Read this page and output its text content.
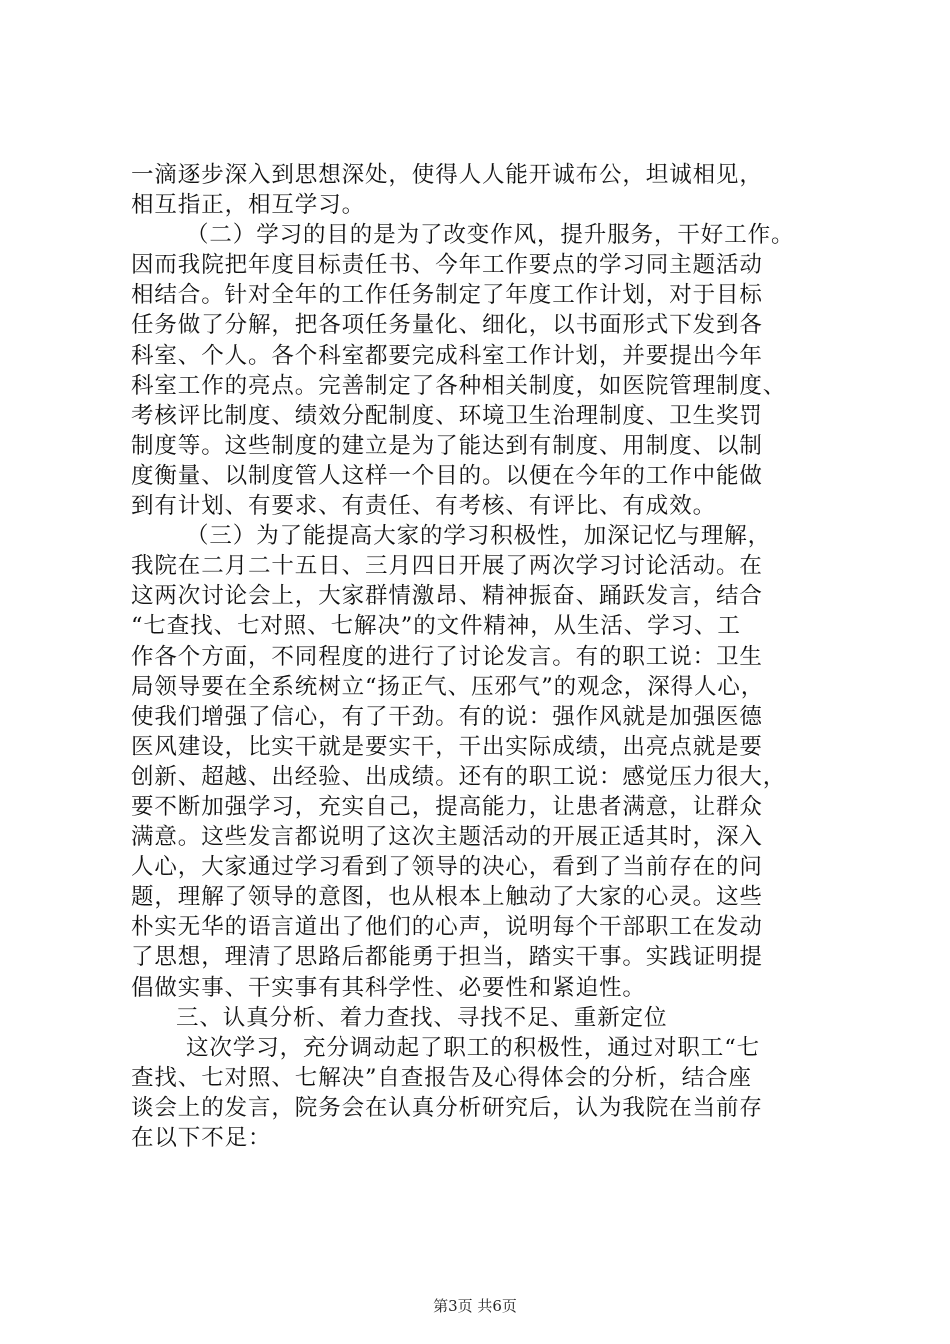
一滴逐步深入到思想深处，使得人人能开诚布公，坦诚相见，
相互指正，相互学习。
（二）学习的目的是为了改变作风，提升服务，干好工作。
因而我院把年度目标责任书、今年工作要点的学习同主题活动
相结合。针对全年的工作任务制定了年度工作计划，对于目标
任务做了分解，把各项任务量化、细化，以书面形式下发到各
科室、个人。各个科室都要完成科室工作计划，并要提出今年
科室工作的亮点。完善制定了各种相关制度，如医院管理制度、
考核评比制度、绩效分配制度、环境卫生治理制度、卫生奖罚
制度等。这些制度的建立是为了能达到有制度、用制度、以制
度衡量、以制度管人这样一个目的。以便在今年的工作中能做
到有计划、有要求、有责任、有考核、有评比、有成效。
（三）为了能提高大家的学习积极性，加深记忆与理解，
我院在二月二十五日、三月四日开展了两次学习讨论活动。在
这两次讨论会上，大家群情激昂、精神振奋、踊跃发言，结合
“七查找、七对照、七解决”的文件精神，从生活、学习、工
作各个方面，不同程度的进行了讨论发言。有的职工说：卫生
局领导要在全系统树立“扬正气、压邪气”的观念，深得人心，
使我们增强了信心，有了干劲。有的说：强作风就是加强医德
医风建设，比实干就是要实干，干出实际成绩，出亮点就是要
创新、超越、出经验、出成绩。还有的职工说：感觉压力很大，
要不断加强学习，充实自己，提高能力，让患者满意，让群众
满意。这些发言都说明了这次主题活动的开展正适其时，深入
人心，大家通过学习看到了领导的决心，看到了当前存在的问
题，理解了领导的意图，也从根本上触动了大家的心灵。这些
朴实无华的语言道出了他们的心声，说明每个干部职工在发动
了思想，理清了思路后都能勇于担当，踏实干事。实践证明提
倡做实事、干实事有其科学性、必要性和紧迫性。
三、认真分析、着力查找、寻找不足、重新定位
这次学习，充分调动起了职工的积极性，通过对职工“七
查找、七对照、七解决”自查报告及心得体会的分析，结合座
谈会上的发言，院务会在认真分析研究后，认为我院在当前存
在以下不足：
第3页 共6页
